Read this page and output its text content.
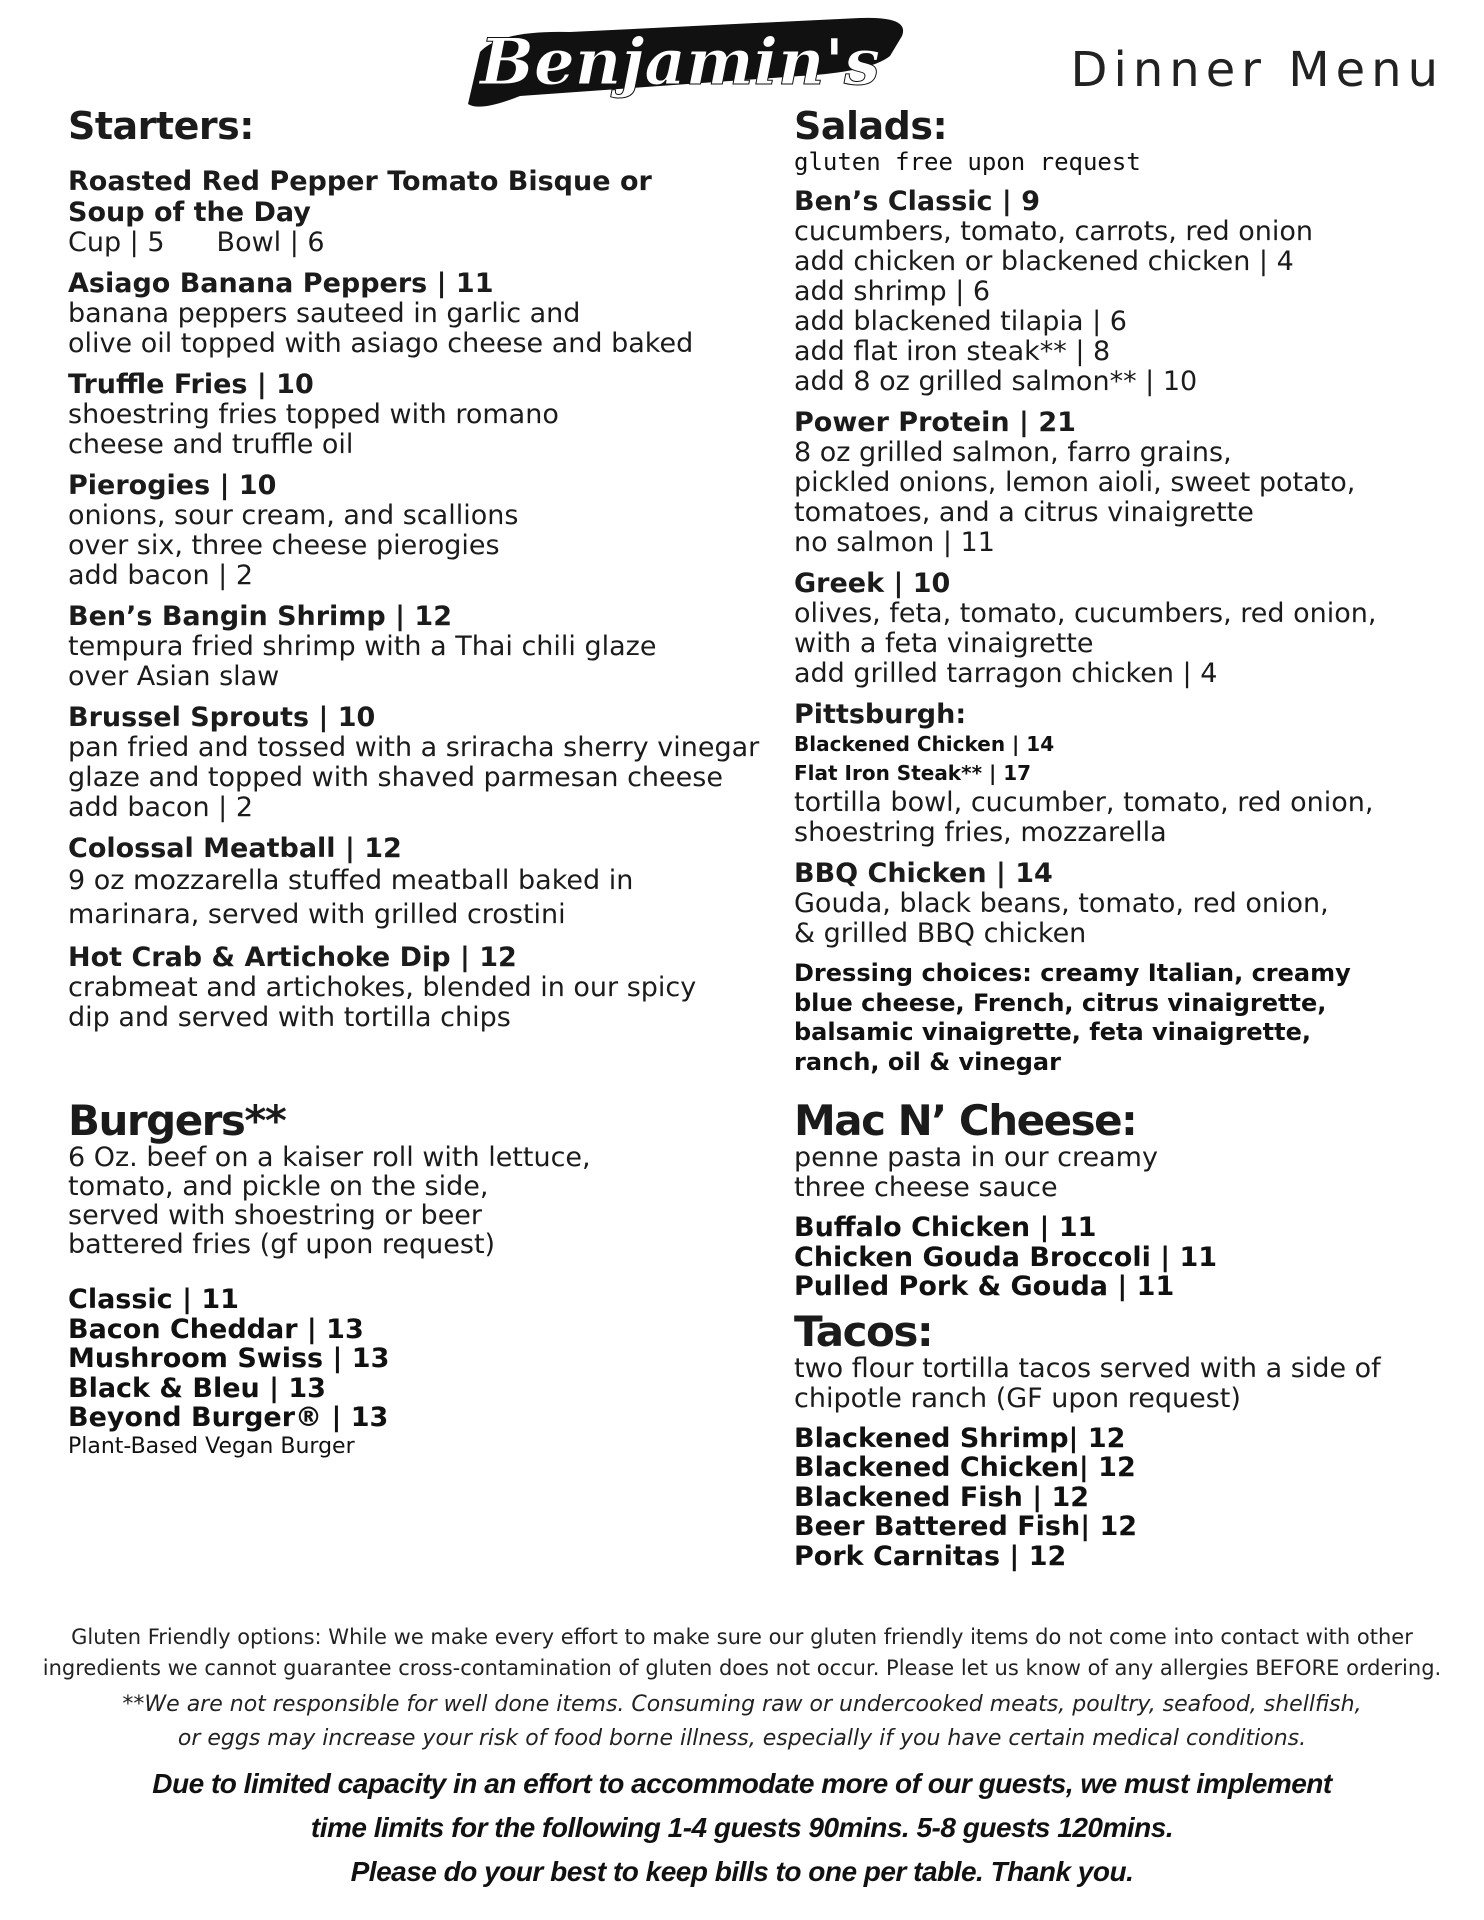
Benjamin's	Dinner Menu
Starters:
Roasted Red Pepper Tomato Bisque or
Soup of the Day
Cup | 5 Bowl | 6
Asiago Banana Peppers | 11
banana peppers sauteed in garlic and
olive oil topped with asiago cheese and baked
Truffle Fries | 10
shoestring fries topped with romano
cheese and truffle oil
Pierogies | 10
onions, sour cream, and scallions
over six, three cheese pierogies
add bacon | 2
Ben’s Bangin Shrimp | 12
tempura fried shrimp with a Thai chili glaze
over Asian slaw
Brussel Sprouts | 10
pan fried and tossed with a sriracha sherry vinegar
glaze and topped with shaved parmesan cheese
add bacon | 2
Colossal Meatball | 12
9 oz mozzarella stuffed meatball baked in
marinara, served with grilled crostini
Hot Crab & Artichoke Dip | 12
crabmeat and artichokes, blended in our spicy
dip and served with tortilla chips
Burgers**
6 Oz. beef on a kaiser roll with lettuce,
tomato, and pickle on the side,
served with shoestring or beer
battered fries (gf upon request)
Classic | 11
Bacon Cheddar | 13
Mushroom Swiss | 13
Black & Bleu | 13
Beyond Burger® | 13
Plant-Based Vegan Burger
Salads:
gluten free upon request
Ben’s Classic | 9
cucumbers, tomato, carrots, red onion
add chicken or blackened chicken | 4
add shrimp | 6
add blackened tilapia | 6
add flat iron steak** | 8
add 8 oz grilled salmon** | 10
Power Protein | 21
8 oz grilled salmon, farro grains,
pickled onions, lemon aioli, sweet potato,
tomatoes, and a citrus vinaigrette
no salmon | 11
Greek | 10
olives, feta, tomato, cucumbers, red onion,
with a feta vinaigrette
add grilled tarragon chicken | 4
Pittsburgh:
Blackened Chicken | 14
Flat Iron Steak** | 17
tortilla bowl, cucumber, tomato, red onion,
shoestring fries, mozzarella
BBQ Chicken | 14
Gouda, black beans, tomato, red onion,
& grilled BBQ chicken
Dressing choices: creamy Italian, creamy
blue cheese, French, citrus vinaigrette,
balsamic vinaigrette, feta vinaigrette,
ranch, oil & vinegar
Mac N’ Cheese:
penne pasta in our creamy
three cheese sauce
Buffalo Chicken | 11
Chicken Gouda Broccoli | 11
Pulled Pork & Gouda | 11
Tacos:
two flour tortilla tacos served with a side of
chipotle ranch (GF upon request)
Blackened Shrimp| 12
Blackened Chicken| 12
Blackened Fish | 12
Beer Battered Fish| 12
Pork Carnitas | 12
Gluten Friendly options: While we make every effort to make sure our gluten friendly items do not come into contact with other
ingredients we cannot guarantee cross-contamination of gluten does not occur. Please let us know of any allergies BEFORE ordering.
**We are not responsible for well done items. Consuming raw or undercooked meats, poultry, seafood, shellfish,
or eggs may increase your risk of food borne illness, especially if you have certain medical conditions.
Due to limited capacity in an effort to accommodate more of our guests, we must implement
time limits for the following 1-4 guests 90mins. 5-8 guests 120mins.
Please do your best to keep bills to one per table. Thank you.
